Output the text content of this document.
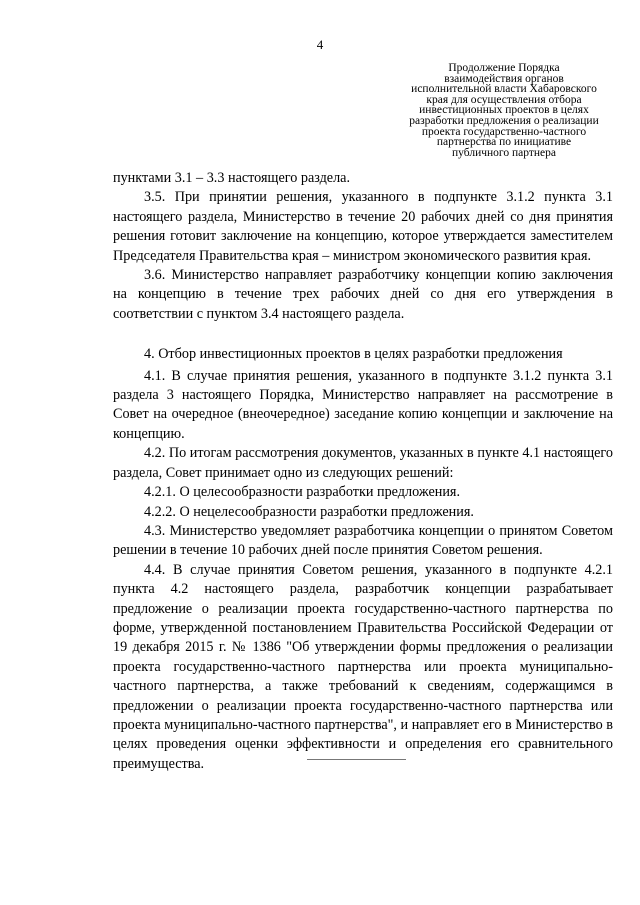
4
Продолжение Порядка
взаимодействия органов
исполнительной власти Хабаровского
края для осуществления отбора
инвестиционных проектов в целях
разработки предложения о реализации
проекта государственно-частного
партнерства по инициативе
публичного партнера

пунктами 3.1 – 3.3 настоящего раздела.

3.5. При принятии решения, указанного в подпункте 3.1.2 пункта 3.1 настоящего раздела, Министерство в течение 20 рабочих дней со дня принятия решения готовит заключение на концепцию, которое утверждается заместителем Председателя Правительства края – министром экономического развития края.

3.6. Министерство направляет разработчику концепции копию заключения на концепцию в течение трех рабочих дней со дня его утверждения в соответствии с пунктом 3.4 настоящего раздела.

4. Отбор инвестиционных проектов в целях разработки предложения

4.1. В случае принятия решения, указанного в подпункте 3.1.2 пункта 3.1 раздела 3 настоящего Порядка, Министерство направляет на рассмотрение в Совет на очередное (внеочередное) заседание копию концепции и заключение на концепцию.

4.2. По итогам рассмотрения документов, указанных в пункте 4.1 настоящего раздела, Совет принимает одно из следующих решений:

4.2.1. О целесообразности разработки предложения.

4.2.2. О нецелесообразности разработки предложения.

4.3. Министерство уведомляет разработчика концепции о принятом Советом решении в течение 10 рабочих дней после принятия Советом решения.

4.4. В случае принятия Советом решения, указанного в подпункте 4.2.1 пункта 4.2 настоящего раздела, разработчик концепции разрабатывает предложение о реализации проекта государственно-частного партнерства по форме, утвержденной постановлением Правительства Российской Федерации от 19 декабря 2015 г. № 1386 "Об утверждении формы предложения о реализации проекта государственно-частного партнерства или проекта муниципально-частного партнерства, а также требований к сведениям, содержащимся в предложении о реализации проекта государственно-частного партнерства или проекта муниципально-частного партнерства", и направляет его в Министерство в целях проведения оценки эффективности и определения его сравнительного преимущества.
